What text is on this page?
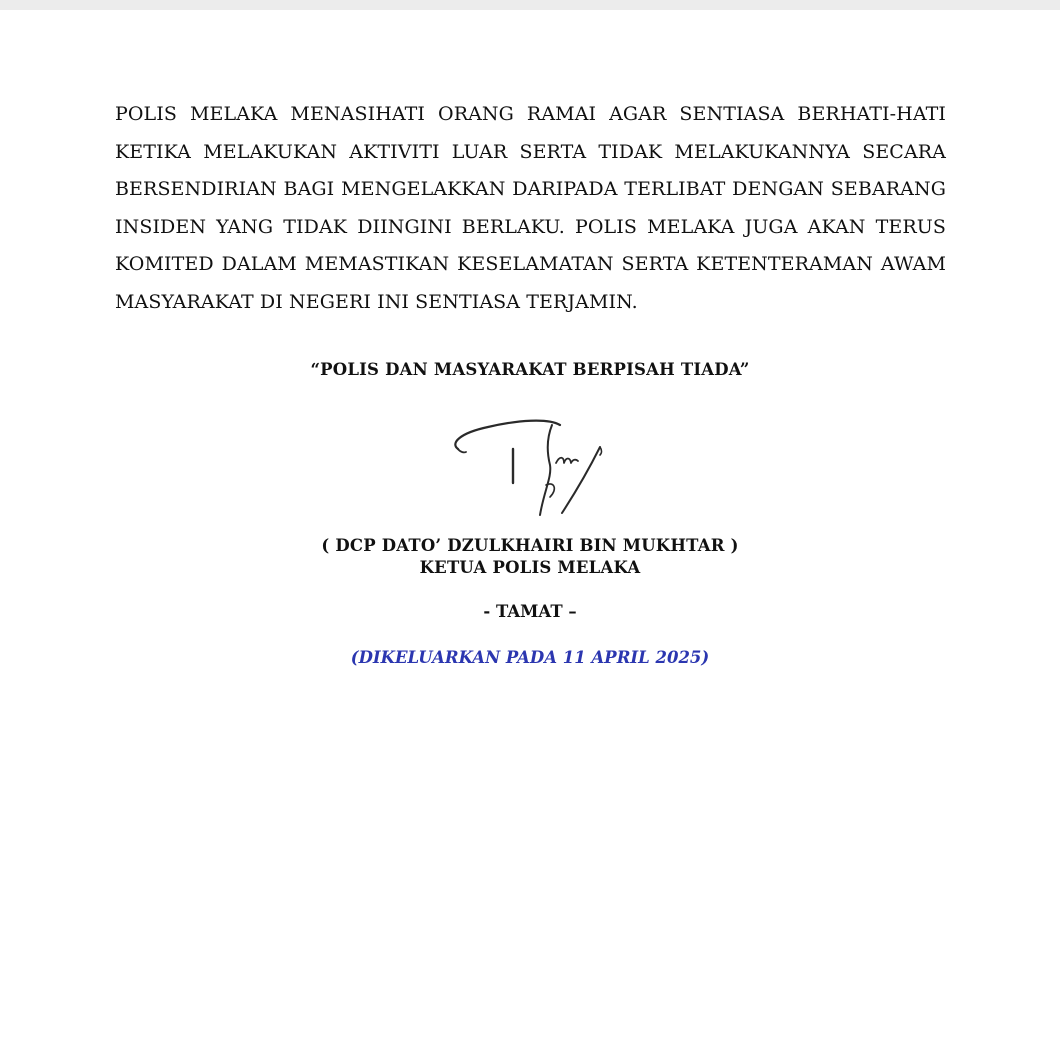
POLIS MELAKA MENASIHATI ORANG RAMAI AGAR SENTIASA BERHATI-HATI KETIKA MELAKUKAN AKTIVITI LUAR SERTA TIDAK MELAKUKANNYA SECARA BERSENDIRIAN BAGI MENGELAKKAN DARIPADA TERLIBAT DENGAN SEBARANG INSIDEN YANG TIDAK DIINGINI BERLAKU. POLIS MELAKA JUGA AKAN TERUS KOMITED DALAM MEMASTIKAN KESELAMATAN SERTA KETENTERAMAN AWAM MASYARAKAT DI NEGERI INI SENTIASA TERJAMIN.

“POLIS DAN MASYARAKAT BERPISAH TIADA”
( DCP DATO’ DZULKHAIRI BIN MUKHTAR )
KETUA POLIS MELAKA
- TAMAT –
(DIKELUARKAN PADA 11 APRIL 2025)
